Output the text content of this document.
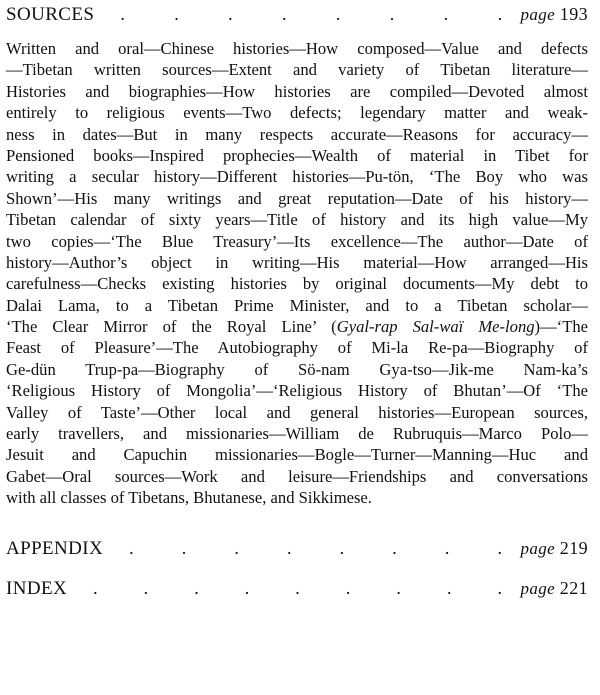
SOURCES .	.	.	.	.	.	.	. page 193
Written and oral—Chinese histories—How composed—Value and defects
—Tibetan written sources—Extent and variety of Tibetan literature—
Histories and biographies—How histories are compiled—Devoted almost
entirely to religious events—Two defects; legendary matter and weak-
ness in dates—But in many respects accurate—Reasons for accuracy—
Pensioned books—Inspired prophecies—Wealth of material in Tibet for
writing a secular history—Different histories—Pu-tön, ‘The Boy who was
Shown’—His many writings and great reputation—Date of his history—
Tibetan calendar of sixty years—Title of history and its high value—My
two copies—‘The Blue Treasury’—Its excellence—The author—Date of
history—Author’s object in writing—His material—How arranged—His
carefulness—Checks existing histories by original documents—My debt to
Dalai Lama, to a Tibetan Prime Minister, and to a Tibetan scholar—
‘The Clear Mirror of the Royal Line’ (Gyal-rap Sal-waï Me-long)—‘The
Feast of Pleasure’—The Autobiography of Mi-la Re-pa—Biography of
Ge-dün Trup-pa—Biography of Sö-nam Gya-tso—Jik-me Nam-ka’s
‘Religious History of Mongolia’—‘Religious History of Bhutan’—Of ‘The
Valley of Taste’—Other local and general histories—European sources,
early travellers, and missionaries—William de Rubruquis—Marco Polo—
Jesuit and Capuchin missionaries—Bogle—Turner—Manning—Huc and
Gabet—Oral sources—Work and leisure—Friendships and conversations
with all classes of Tibetans, Bhutanese, and Sikkimese.
APPENDIX .	.	.	.	.	.	.	. page 219
INDEX .	.	.	.	.	.	.	.	. page 221
